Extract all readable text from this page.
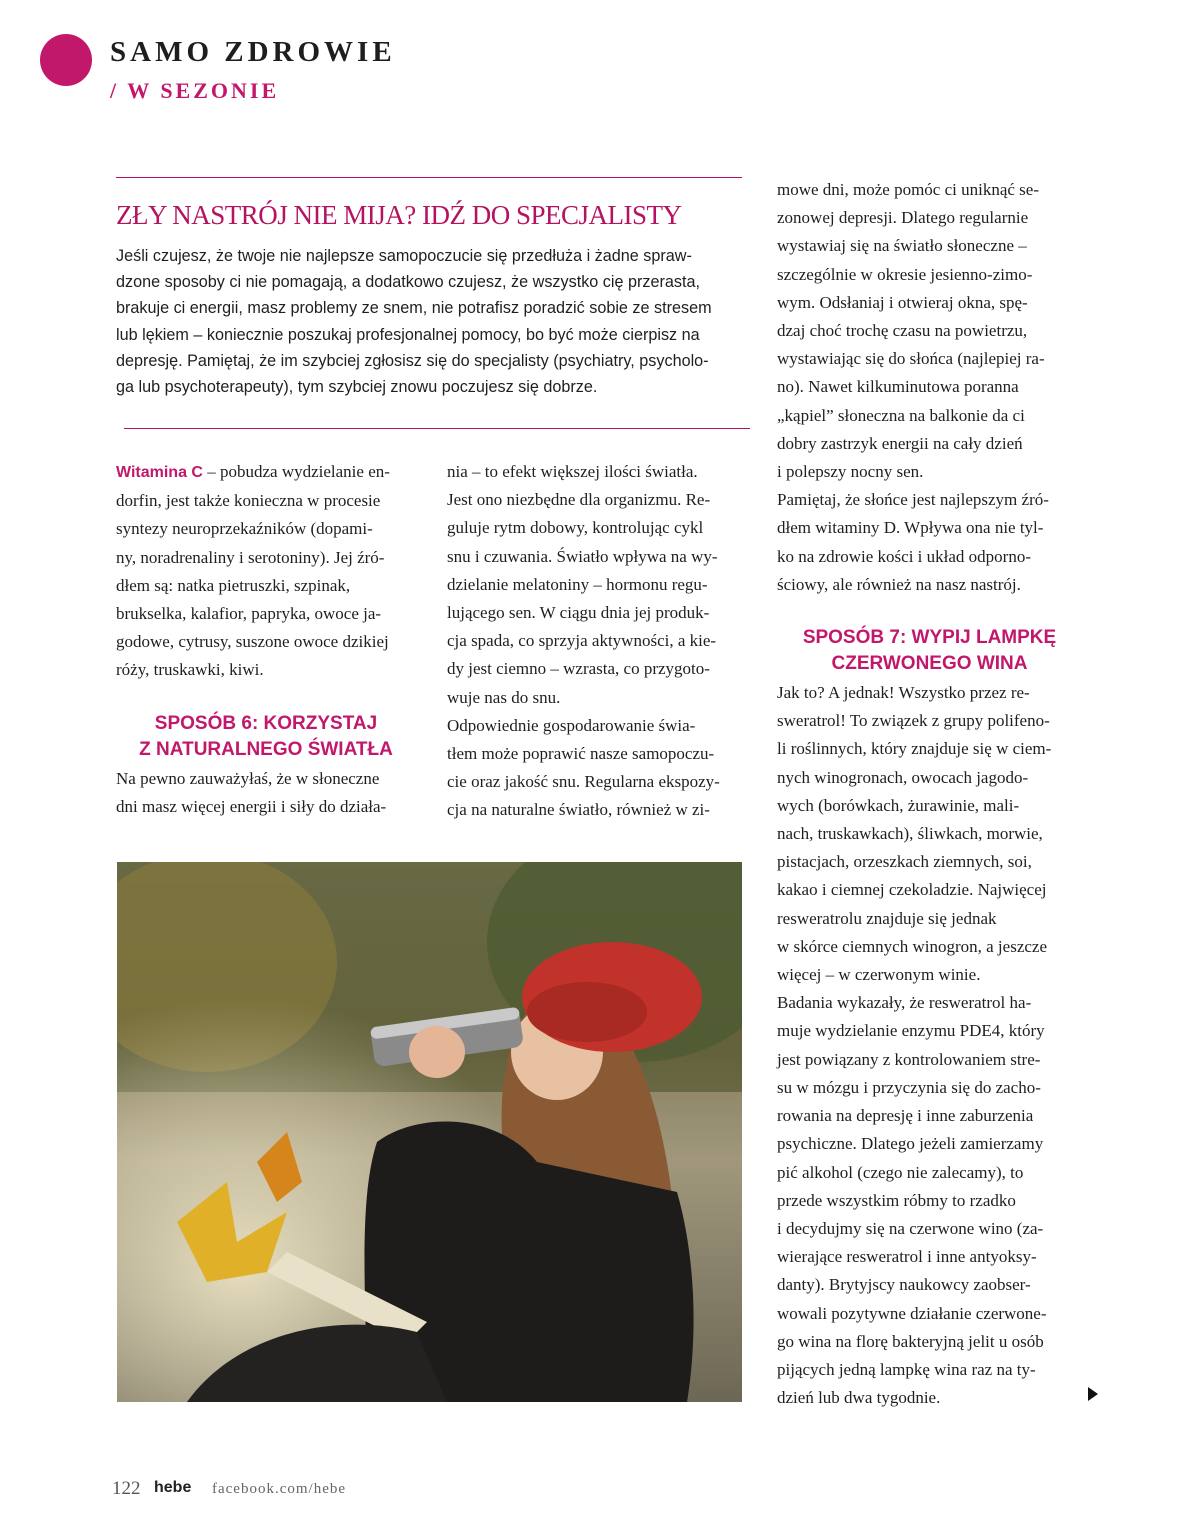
SAMO ZDROWIE
/ W SEZONIE
ZŁY NASTRÓJ NIE MIJA? IDŹ DO SPECJALISTY
Jeśli czujesz, że twoje nie najlepsze samopoczucie się przedłuża i żadne spraw-
dzone sposoby ci nie pomagają, a dodatkowo czujesz, że wszystko cię przerasta,
brakuje ci energii, masz problemy ze snem, nie potrafisz poradzić sobie ze stresem
lub lękiem – koniecznie poszukaj profesjonalnej pomocy, bo być może cierpisz na
depresję. Pamiętaj, że im szybciej zgłosisz się do specjalisty (psychiatry, psycholo-
ga lub psychoterapeuty), tym szybciej znowu poczujesz się dobrze.

Witamina C – pobudza wydzielanie en-

dorfin, jest także konieczna w procesie

syntezy neuroprzekaźników (dopami-

ny, noradrenaliny i serotoniny). Jej źró-

dłem są: natka pietruszki, szpinak,

brukselka, kalafior, papryka, owoce ja-

godowe, cytrusy, suszone owoce dzikiej

róży, truskawki, kiwi.

SPOSÓB 6: KORZYSTAJ
Z NATURALNEGO ŚWIATŁA

Na pewno zauważyłaś, że w słoneczne

dni masz więcej energii i siły do działa-

nia – to efekt większej ilości światła.

Jest ono niezbędne dla organizmu. Re-

guluje rytm dobowy, kontrolując cykl

snu i czuwania. Światło wpływa na wy-

dzielanie melatoniny – hormonu regu-

lującego sen. W ciągu dnia jej produk-

cja spada, co sprzyja aktywności, a kie-

dy jest ciemno – wzrasta, co przygoto-

wuje nas do snu.

Odpowiednie gospodarowanie świa-

tłem może poprawić nasze samopoczu-

cie oraz jakość snu. Regularna ekspozy-

cja na naturalne światło, również w zi-

mowe dni, może pomóc ci uniknąć se-

zonowej depresji. Dlatego regularnie

wystawiaj się na światło słoneczne –

szczególnie w okresie jesienno-zimo-

wym. Odsłaniaj i otwieraj okna, spę-

dzaj choć trochę czasu na powietrzu,

wystawiając się do słońca (najlepiej ra-

no). Nawet kilkuminutowa poranna

„kąpiel” słoneczna na balkonie da ci

dobry zastrzyk energii na cały dzień

i polepszy nocny sen.

Pamiętaj, że słońce jest najlepszym źró-

dłem witaminy D. Wpływa ona nie tyl-

ko na zdrowie kości i układ odporno-

ściowy, ale również na nasz nastrój.

SPOSÓB 7: WYPIJ LAMPKĘ
CZERWONEGO WINA

Jak to? A jednak! Wszystko przez re-

sweratrol! To związek z grupy polifeno-

li roślinnych, który znajduje się w ciem-

nych winogronach, owocach jagodo-

wych (borówkach, żurawinie, mali-

nach, truskawkach), śliwkach, morwie,

pistacjach, orzeszkach ziemnych, soi,

kakao i ciemnej czekoladzie. Najwięcej

resweratrolu znajduje się jednak

w skórce ciemnych winogron, a jeszcze

więcej – w czerwonym winie.

Badania wykazały, że resweratrol ha-

muje wydzielanie enzymu PDE4, który

jest powiązany z kontrolowaniem stre-

su w mózgu i przyczynia się do zacho-

rowania na depresję i inne zaburzenia

psychiczne. Dlatego jeżeli zamierzamy

pić alkohol (czego nie zalecamy), to

przede wszystkim róbmy to rzadko

i decydujmy się na czerwone wino (za-

wierające resweratrol i inne antyoksy-

danty). Brytyjscy naukowcy zaobser-

wowali pozytywne działanie czerwone-

go wina na florę bakteryjną jelit u osób

pijących jedną lampkę wina raz na ty-

dzień lub dwa tygodnie.

122 hebe facebook.com/hebe
